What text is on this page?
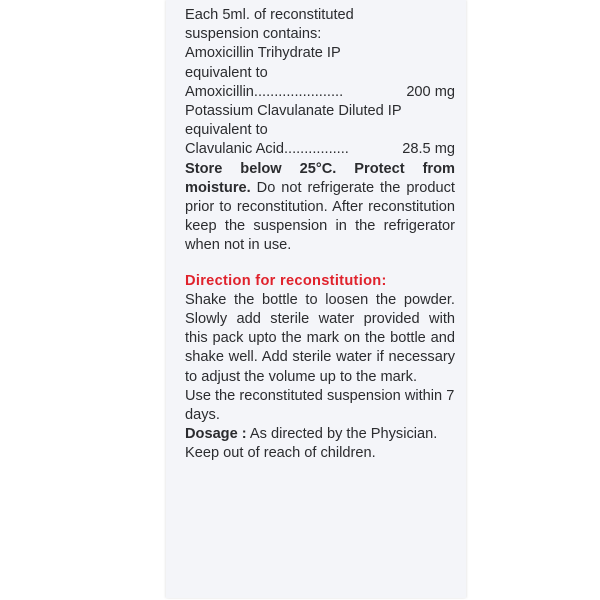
Each 5ml. of reconstituted

suspension contains:

Amoxicillin Trihydrate IP

equivalent to

Amoxicillin......................	200 mg

Potassium Clavulanate Diluted IP

equivalent to

Clavulanic Acid................	28.5 mg

Store below 25°C. Protect from moisture. Do not refrigerate the product prior to reconstitution. After reconstitution keep the suspension in the refrigerator when not in use.

Direction for reconstitution:

Shake the bottle to loosen the powder. Slowly add sterile water provided with this pack upto the mark on the bottle and shake well. Add sterile water if necessary to adjust the volume up to the mark.

Use the reconstituted suspension within 7 days.

Dosage : As directed by the Physician.

Keep out of reach of children.
